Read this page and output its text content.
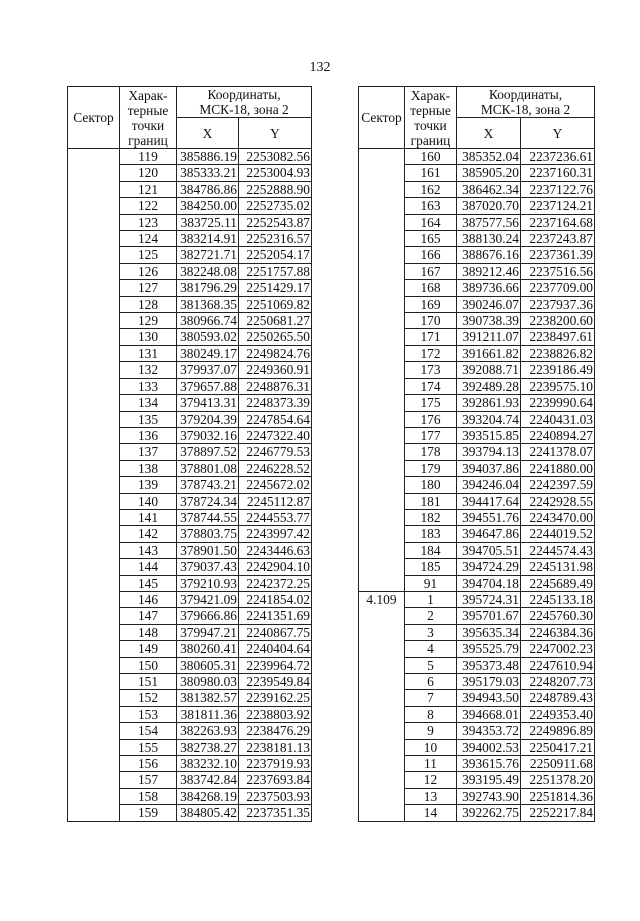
132
Сектор	Харак-
терные
точки
границ	Координаты,
МСК-18, зона 2	

		X	Y
	119	385886.19	2253082.56
	120	385333.21	2253004.93
	121	384786.86	2252888.90
	122	384250.00	2252735.02
	123	383725.11	2252543.87
	124	383214.91	2252316.57
	125	382721.71	2252054.17
	126	382248.08	2251757.88
	127	381796.29	2251429.17
	128	381368.35	2251069.82
	129	380966.74	2250681.27
	130	380593.02	2250265.50
	131	380249.17	2249824.76
	132	379937.07	2249360.91
	133	379657.88	2248876.31
	134	379413.31	2248373.39
	135	379204.39	2247854.64
	136	379032.16	2247322.40
	137	378897.52	2246779.53
	138	378801.08	2246228.52
	139	378743.21	2245672.02
	140	378724.34	2245112.87
	141	378744.55	2244553.77
	142	378803.75	2243997.42
	143	378901.50	2243446.63
	144	379037.43	2242904.10
	145	379210.93	2242372.25
	146	379421.09	2241854.02
	147	379666.86	2241351.69
	148	379947.21	2240867.75
	149	380260.41	2240404.64
	150	380605.31	2239964.72
	151	380980.03	2239549.84
	152	381382.57	2239162.25
	153	381811.36	2238803.92
	154	382263.93	2238476.29
	155	382738.27	2238181.13
	156	383232.10	2237919.93
	157	383742.84	2237693.84
	158	384268.19	2237503.93
	159	384805.42	2237351.35
Сектор	Харак-
терные
точки
границ	Координаты,
МСК-18, зона 2	

		X	Y
	160	385352.04	2237236.61
	161	385905.20	2237160.31
	162	386462.34	2237122.76
	163	387020.70	2237124.21
	164	387577.56	2237164.68
	165	388130.24	2237243.87
	166	388676.16	2237361.39
	167	389212.46	2237516.56
	168	389736.66	2237709.00
	169	390246.07	2237937.36
	170	390738.39	2238200.60
	171	391211.07	2238497.61
	172	391661.82	2238826.82
	173	392088.71	2239186.49
	174	392489.28	2239575.10
	175	392861.93	2239990.64
	176	393204.74	2240431.03
	177	393515.85	2240894.27
	178	393794.13	2241378.07
	179	394037.86	2241880.00
	180	394246.04	2242397.59
	181	394417.64	2242928.55
	182	394551.76	2243470.00
	183	394647.86	2244019.52
	184	394705.51	2244574.43
	185	394724.29	2245131.98
	91	394704.18	2245689.49
4.109	1	395724.31	2245133.18
	2	395701.67	2245760.30
	3	395635.34	2246384.36
	4	395525.79	2247002.23
	5	395373.48	2247610.94
	6	395179.03	2248207.73
	7	394943.50	2248789.43
	8	394668.01	2249353.40
	9	394353.72	2249896.89
	10	394002.53	2250417.21
	11	393615.76	2250911.68
	12	393195.49	2251378.20
	13	392743.90	2251814.36
	14	392262.75	2252217.84
